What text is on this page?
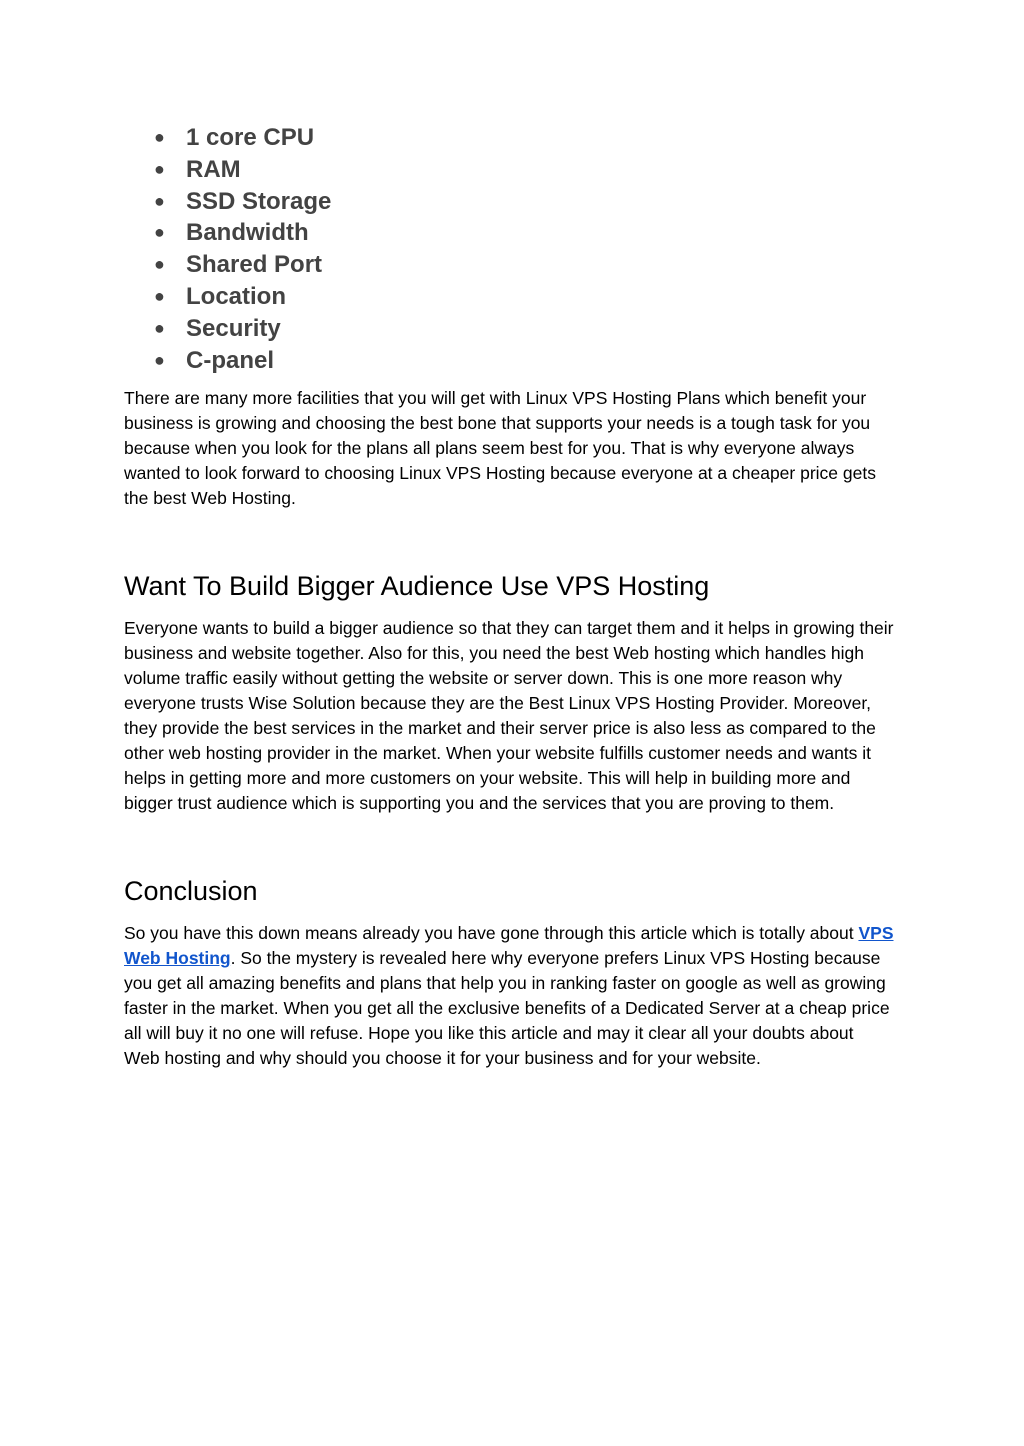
● 1 core CPU
● RAM
● SSD Storage
● Bandwidth
● Shared Port
● Location
● Security
● C-panel

There are many more facilities that you will get with Linux VPS Hosting Plans which benefit your business is growing and choosing the best bone that supports your needs is a tough task for you because when you look for the plans all plans seem best for you. That is why everyone always wanted to look forward to choosing Linux VPS Hosting because everyone at a cheaper price gets the best Web Hosting.

Want To Build Bigger Audience Use VPS Hosting

Everyone wants to build a bigger audience so that they can target them and it helps in growing their business and website together. Also for this, you need the best Web hosting which handles high volume traffic easily without getting the website or server down. This is one more reason why everyone trusts Wise Solution because they are the Best Linux VPS Hosting Provider. Moreover, they provide the best services in the market and their server price is also less as compared to the other web hosting provider in the market. When your website fulfills customer needs and wants it helps in getting more and more customers on your website. This will help in building more and bigger trust audience which is supporting you and the services that you are proving to them.

Conclusion

So you have this down means already you have gone through this article which is totally about VPS Web Hosting. So the mystery is revealed here why everyone prefers Linux VPS Hosting because you get all amazing benefits and plans that help you in ranking faster on google as well as growing faster in the market. When you get all the exclusive benefits of a Dedicated Server at a cheap price all will buy it no one will refuse. Hope you like this article and may it clear all your doubts about Web hosting and why should you choose it for your business and for your website.
